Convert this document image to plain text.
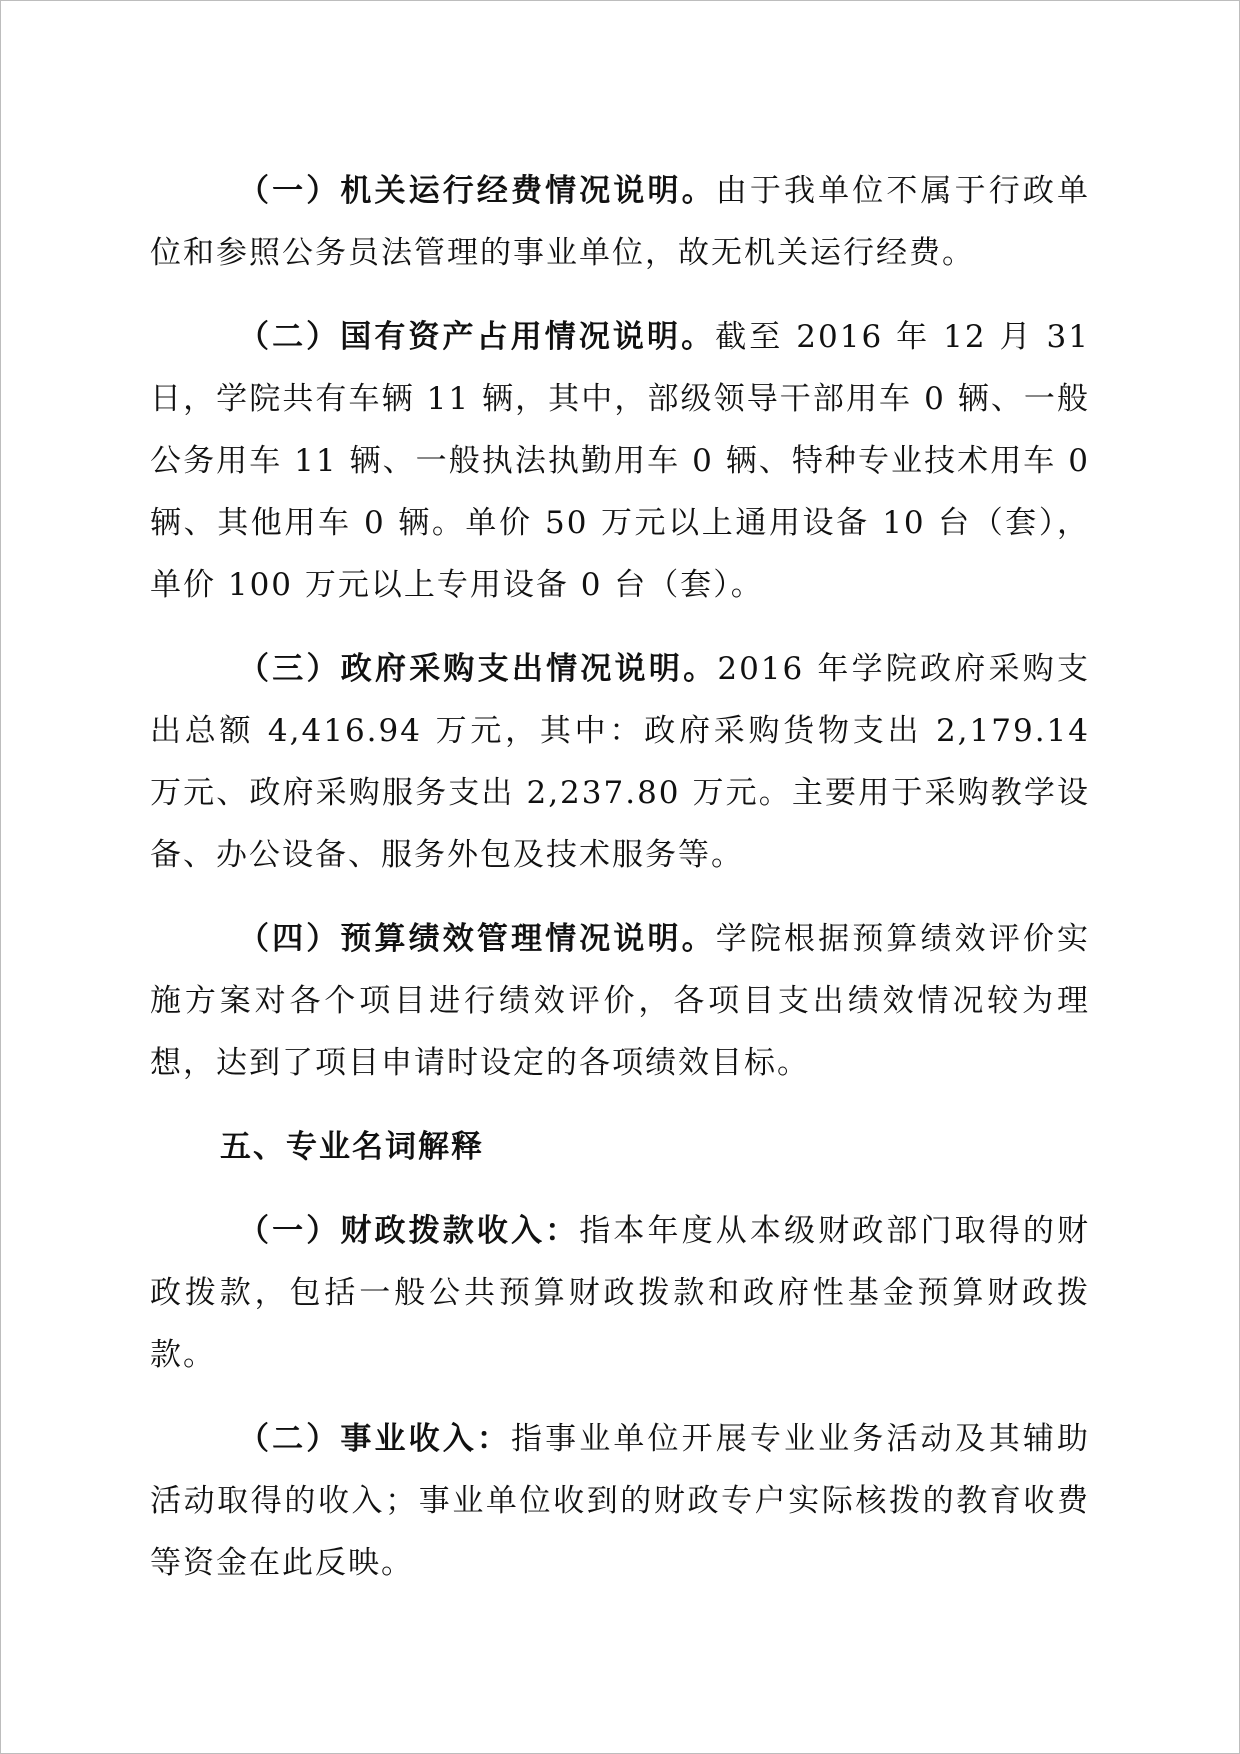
（一）机关运行经费情况说明。由于我单位不属于行政单位和参照公务员法管理的事业单位，故无机关运行经费。

（二）国有资产占用情况说明。截至 2016 年 12 月 31 日，学院共有车辆 11 辆，其中，部级领导干部用车 0 辆、一般公务用车 11 辆、一般执法执勤用车 0 辆、特种专业技术用车 0 辆、其他用车 0 辆。单价 50 万元以上通用设备 10 台（套），单价 100 万元以上专用设备 0 台（套）。

（三）政府采购支出情况说明。2016 年学院政府采购支出总额 4,416.94 万元，其中：政府采购货物支出 2,179.14 万元、政府采购服务支出 2,237.80 万元。主要用于采购教学设备、办公设备、服务外包及技术服务等。

（四）预算绩效管理情况说明。学院根据预算绩效评价实施方案对各个项目进行绩效评价，各项目支出绩效情况较为理想，达到了项目申请时设定的各项绩效目标。

五、专业名词解释

（一）财政拨款收入：指本年度从本级财政部门取得的财政拨款，包括一般公共预算财政拨款和政府性基金预算财政拨款。

（二）事业收入：指事业单位开展专业业务活动及其辅助活动取得的收入；事业单位收到的财政专户实际核拨的教育收费等资金在此反映。
